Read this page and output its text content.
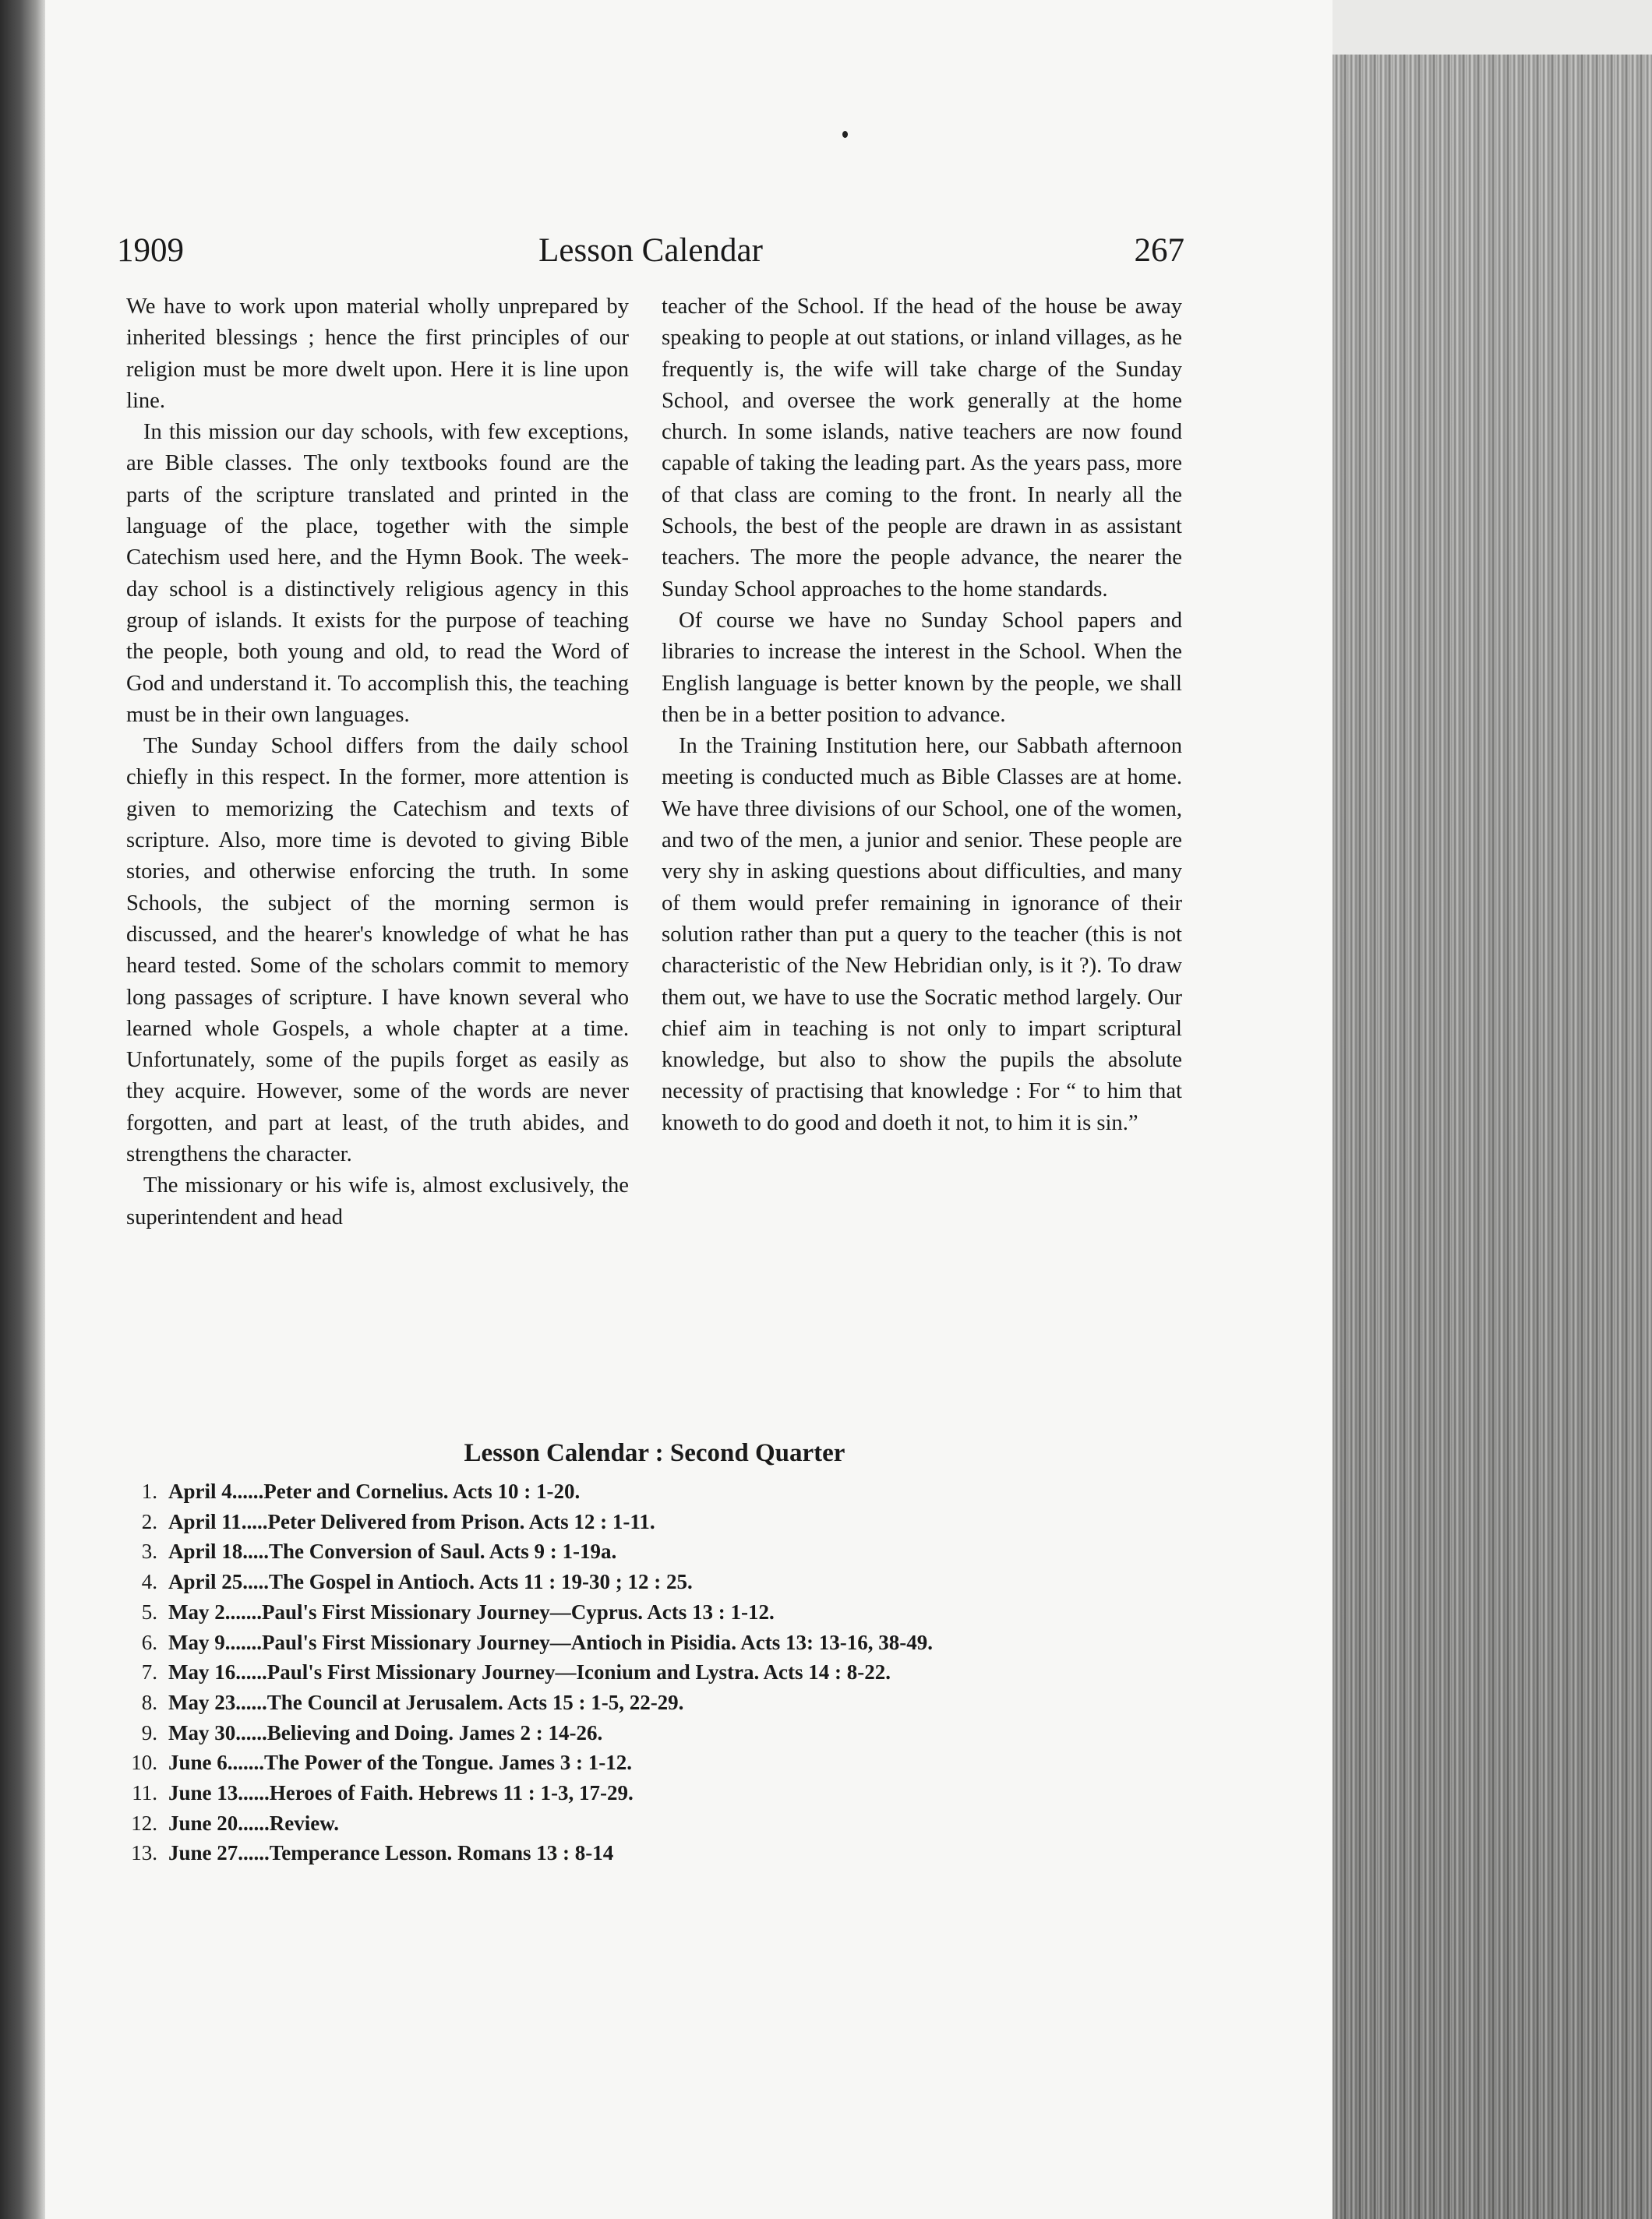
1909	Lesson Calendar	267

We have to work upon material wholly unprepared by inherited blessings ; hence the first principles of our religion must be more dwelt upon. Here it is line upon line.

In this mission our day schools, with few exceptions, are Bible classes. The only textbooks found are the parts of the scripture translated and printed in the language of the place, together with the simple Catechism used here, and the Hymn Book. The week-day school is a distinctively religious agency in this group of islands. It exists for the purpose of teaching the people, both young and old, to read the Word of God and understand it. To accomplish this, the teaching must be in their own languages.

The Sunday School differs from the daily school chiefly in this respect. In the former, more attention is given to memorizing the Catechism and texts of scripture. Also, more time is devoted to giving Bible stories, and otherwise enforcing the truth. In some Schools, the subject of the morning sermon is discussed, and the hearer's knowledge of what he has heard tested. Some of the scholars commit to memory long passages of scripture. I have known several who learned whole Gospels, a whole chapter at a time. Unfortunately, some of the pupils forget as easily as they acquire. However, some of the words are never forgotten, and part at least, of the truth abides, and strengthens the character.

The missionary or his wife is, almost exclusively, the superintendent and head

teacher of the School. If the head of the house be away speaking to people at out stations, or inland villages, as he frequently is, the wife will take charge of the Sunday School, and oversee the work generally at the home church. In some islands, native teachers are now found capable of taking the leading part. As the years pass, more of that class are coming to the front. In nearly all the Schools, the best of the people are drawn in as assistant teachers. The more the people advance, the nearer the Sunday School approaches to the home standards.

Of course we have no Sunday School papers and libraries to increase the interest in the School. When the English language is better known by the people, we shall then be in a better position to advance.

In the Training Institution here, our Sabbath afternoon meeting is conducted much as Bible Classes are at home. We have three divisions of our School, one of the women, and two of the men, a junior and senior. These people are very shy in asking questions about difficulties, and many of them would prefer remaining in ignorance of their solution rather than put a query to the teacher (this is not characteristic of the New Hebridian only, is it ?). To draw them out, we have to use the Socratic method largely. Our chief aim in teaching is not only to impart scriptural knowledge, but also to show the pupils the absolute necessity of practising that knowledge : For “ to him that knoweth to do good and doeth it not, to him it is sin.”

Lesson Calendar : Second Quarter
1. April 4......Peter and Cornelius. Acts 10 : 1-20.
2. April 11.....Peter Delivered from Prison. Acts 12 : 1-11.
3. April 18.....The Conversion of Saul. Acts 9 : 1-19a.
4. April 25.....The Gospel in Antioch. Acts 11 : 19-30 ; 12 : 25.
5. May 2.......Paul's First Missionary Journey—Cyprus. Acts 13 : 1-12.
6. May 9.......Paul's First Missionary Journey—Antioch in Pisidia. Acts 13: 13-16, 38-49.
7. May 16......Paul's First Missionary Journey—Iconium and Lystra. Acts 14 : 8-22.
8. May 23......The Council at Jerusalem. Acts 15 : 1-5, 22-29.
9. May 30......Believing and Doing. James 2 : 14-26.
10. June 6.......The Power of the Tongue. James 3 : 1-12.
11. June 13......Heroes of Faith. Hebrews 11 : 1-3, 17-29.
12. June 20......Review.
13. June 27......Temperance Lesson. Romans 13 : 8-14
